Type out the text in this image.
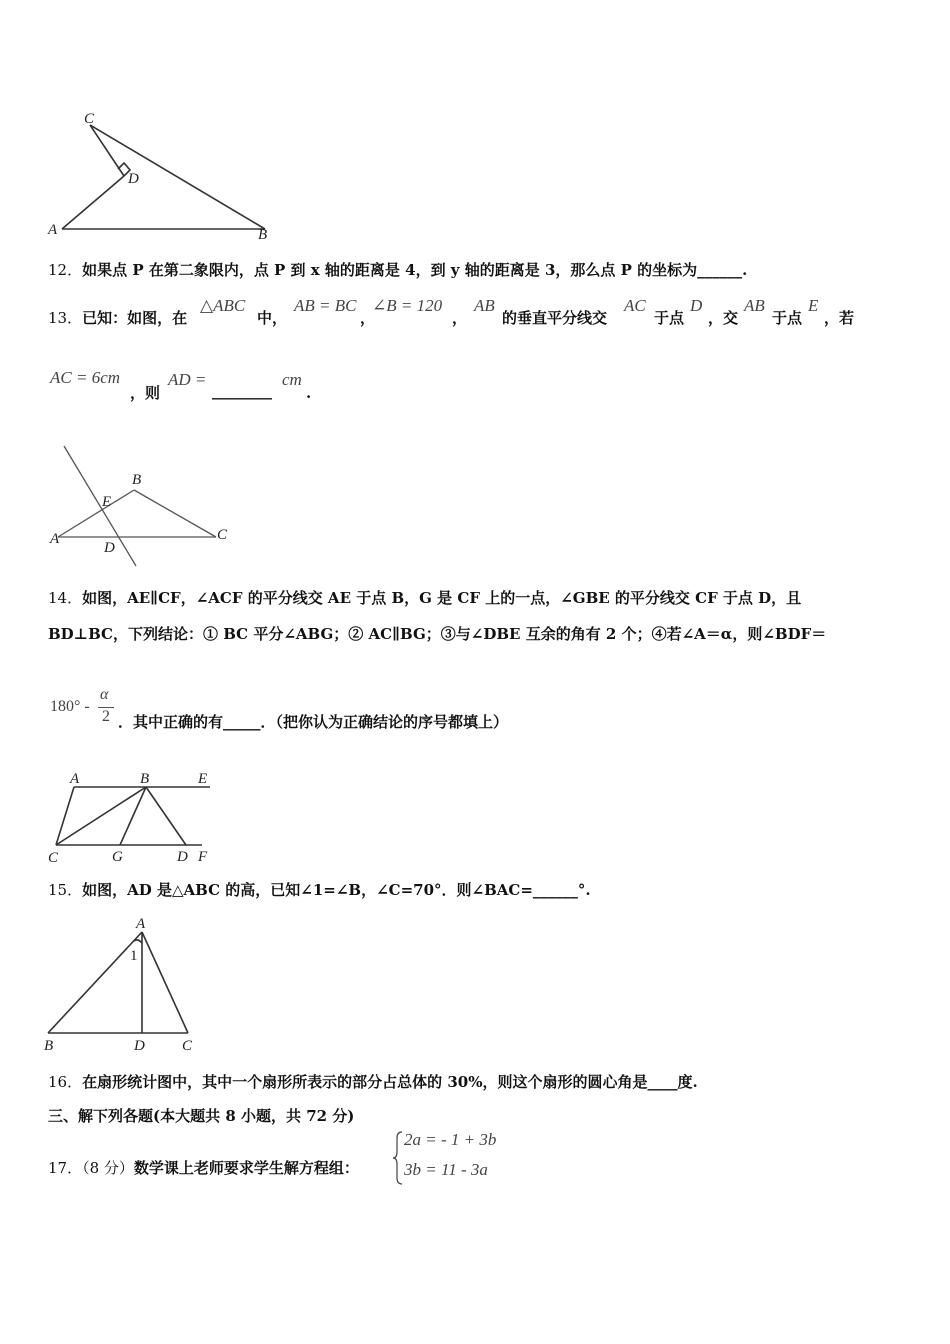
C
D
A	B
12．如果点 P 在第二象限内，点 P 到 x 轴的距离是 4，到 y 轴的距离是 3，那么点 P 的坐标为______.
13．已知：如图，在
△ABC
中，
AB = BC
，
∠B = 120
，
AB
的垂直平分线交
AC
于点
D
，交
AB
于点
E
，若
AC = 6cm
，则
AD =
________
cm
.
B
E
A
D
C
14．如图，AE∥CF，∠ACF 的平分线交 AE 于点 B，G 是 CF 上的一点，∠GBE 的平分线交 CF 于点 D，且
BD⊥BC，下列结论：① BC 平分∠ABG；② AC∥BG；③与∠DBE 互余的角有 2 个；④若∠A＝α，则∠BDF＝
180° -
α
2 ．其中正确的有_____．（把你认为正确结论的序号都填上）
A	B	E
C	G	D F
15．如图，AD 是△ABC 的高，已知∠1=∠B，∠C=70°．则∠BAC=______°.
A
1
B	D C
16．在扇形统计图中，其中一个扇形所表示的部分占总体的 30%，则这个扇形的圆心角是____度.
三、解下列各题(本大题共 8 小题，共 72 分)
17．（8 分）数学课上老师要求学生解方程组：
2a = - 1 + 3b
3b = 11 - 3a
